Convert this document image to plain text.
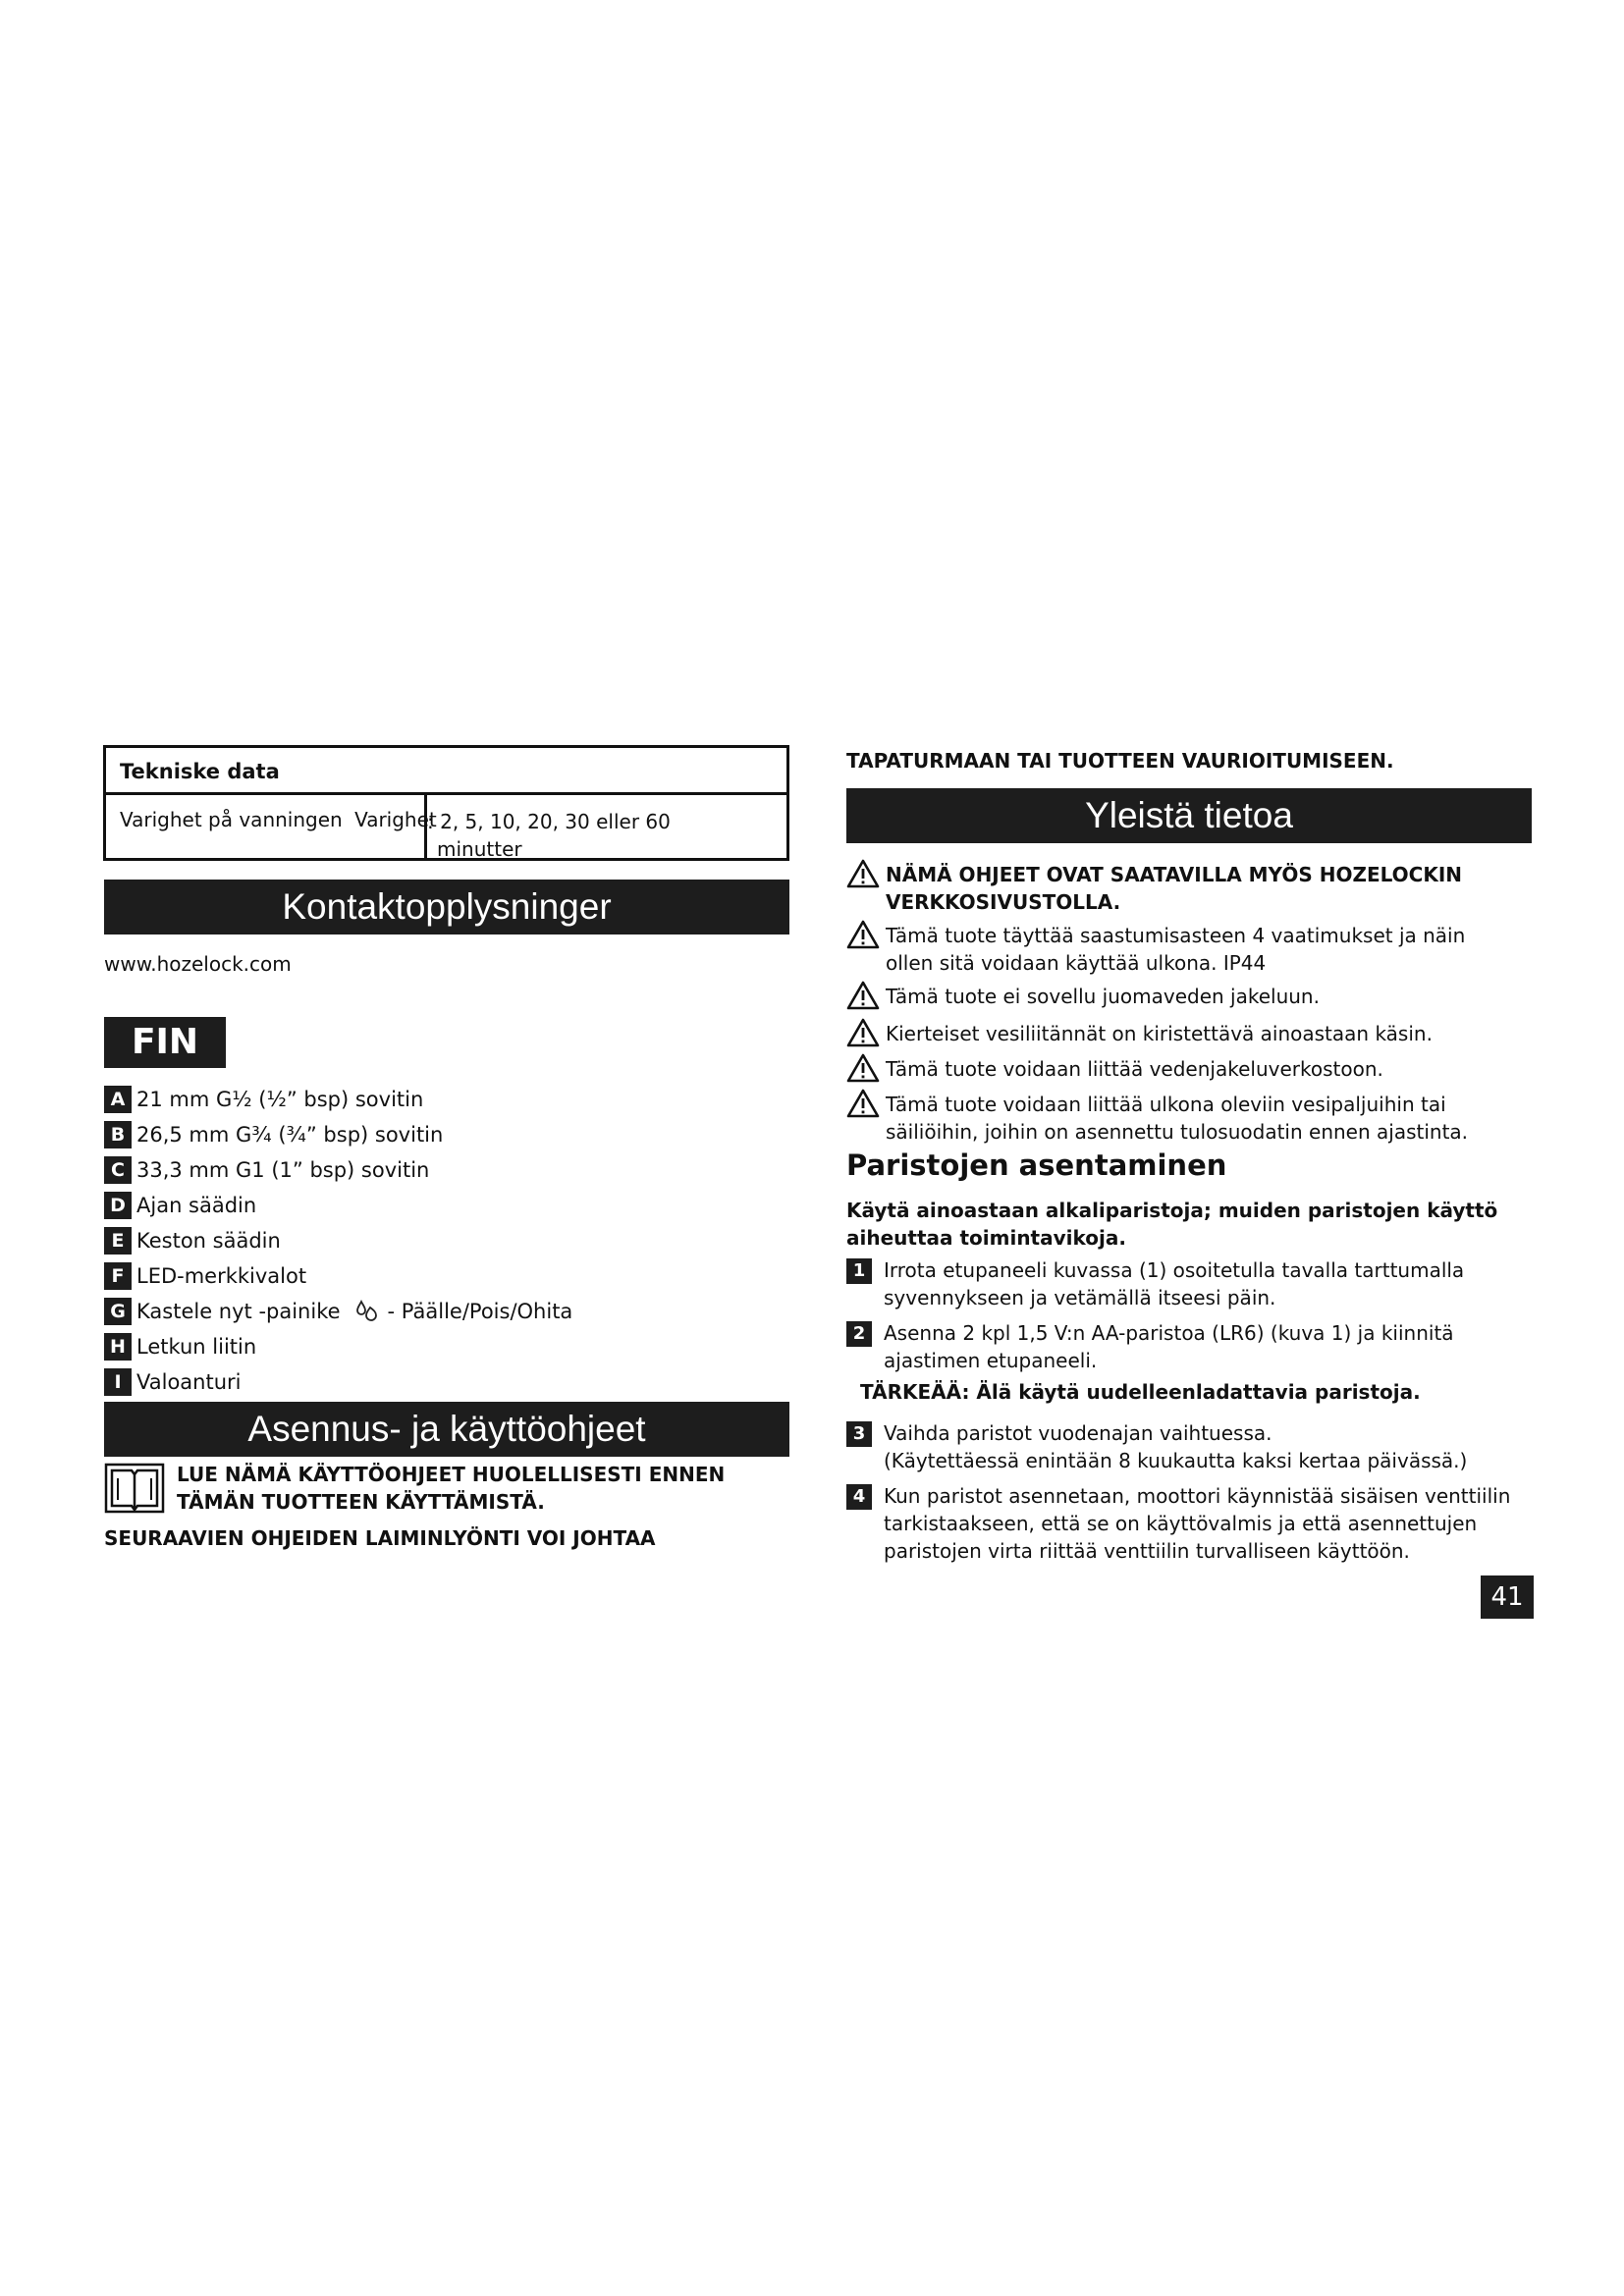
Tekniske data
Varighet på vanningen Varighet
: 2, 5, 10, 20, 30 eller 60
minutter
Kontaktopplysninger
www.hozelock.com
FIN
A 21 mm G½ (½” bsp) sovitin
B 26,5 mm G¾ (¾” bsp) sovitin
C 33,3 mm G1 (1” bsp) sovitin
D Ajan säädin
E Keston säädin
F LED-merkkivalot
G Kastele nyt -painike - Päälle/Pois/Ohita
H Letkun liitin
I Valoanturi
Asennus- ja käyttöohjeet
LUE NÄMÄ KÄYTTÖOHJEET HUOLELLISESTI ENNEN
TÄMÄN TUOTTEEN KÄYTTÄMISTÄ.
SEURAAVIEN OHJEIDEN LAIMINLYÖNTI VOI JOHTAA
TAPATURMAAN TAI TUOTTEEN VAURIOITUMISEEN.
Yleistä tietoa
NÄMÄ OHJEET OVAT SAATAVILLA MYÖS HOZELOCKIN
VERKKOSIVUSTOLLA.
Tämä tuote täyttää saastumisasteen 4 vaatimukset ja näin
ollen sitä voidaan käyttää ulkona. IP44
Tämä tuote ei sovellu juomaveden jakeluun.
Kierteiset vesiliitännät on kiristettävä ainoastaan käsin.
Tämä tuote voidaan liittää vedenjakeluverkostoon.
Tämä tuote voidaan liittää ulkona oleviin vesipaljuihin tai
säiliöihin, joihin on asennettu tulosuodatin ennen ajastinta.
Paristojen asentaminen
Käytä ainoastaan alkaliparistoja; muiden paristojen käyttö
aiheuttaa toimintavikoja.
1 Irrota etupaneeli kuvassa (1) osoitetulla tavalla tarttumalla
syvennykseen ja vetämällä itseesi päin.
2 Asenna 2 kpl 1,5 V:n AA-paristoa (LR6) (kuva 1) ja kiinnitä
ajastimen etupaneeli.
TÄRKEÄÄ: Älä käytä uudelleenladattavia paristoja.
3 Vaihda paristot vuodenajan vaihtuessa.
(Käytettäessä enintään 8 kuukautta kaksi kertaa päivässä.)
4 Kun paristot asennetaan, moottori käynnistää sisäisen venttiilin
tarkistaakseen, että se on käyttövalmis ja että asennettujen
paristojen virta riittää venttiilin turvalliseen käyttöön.
41
